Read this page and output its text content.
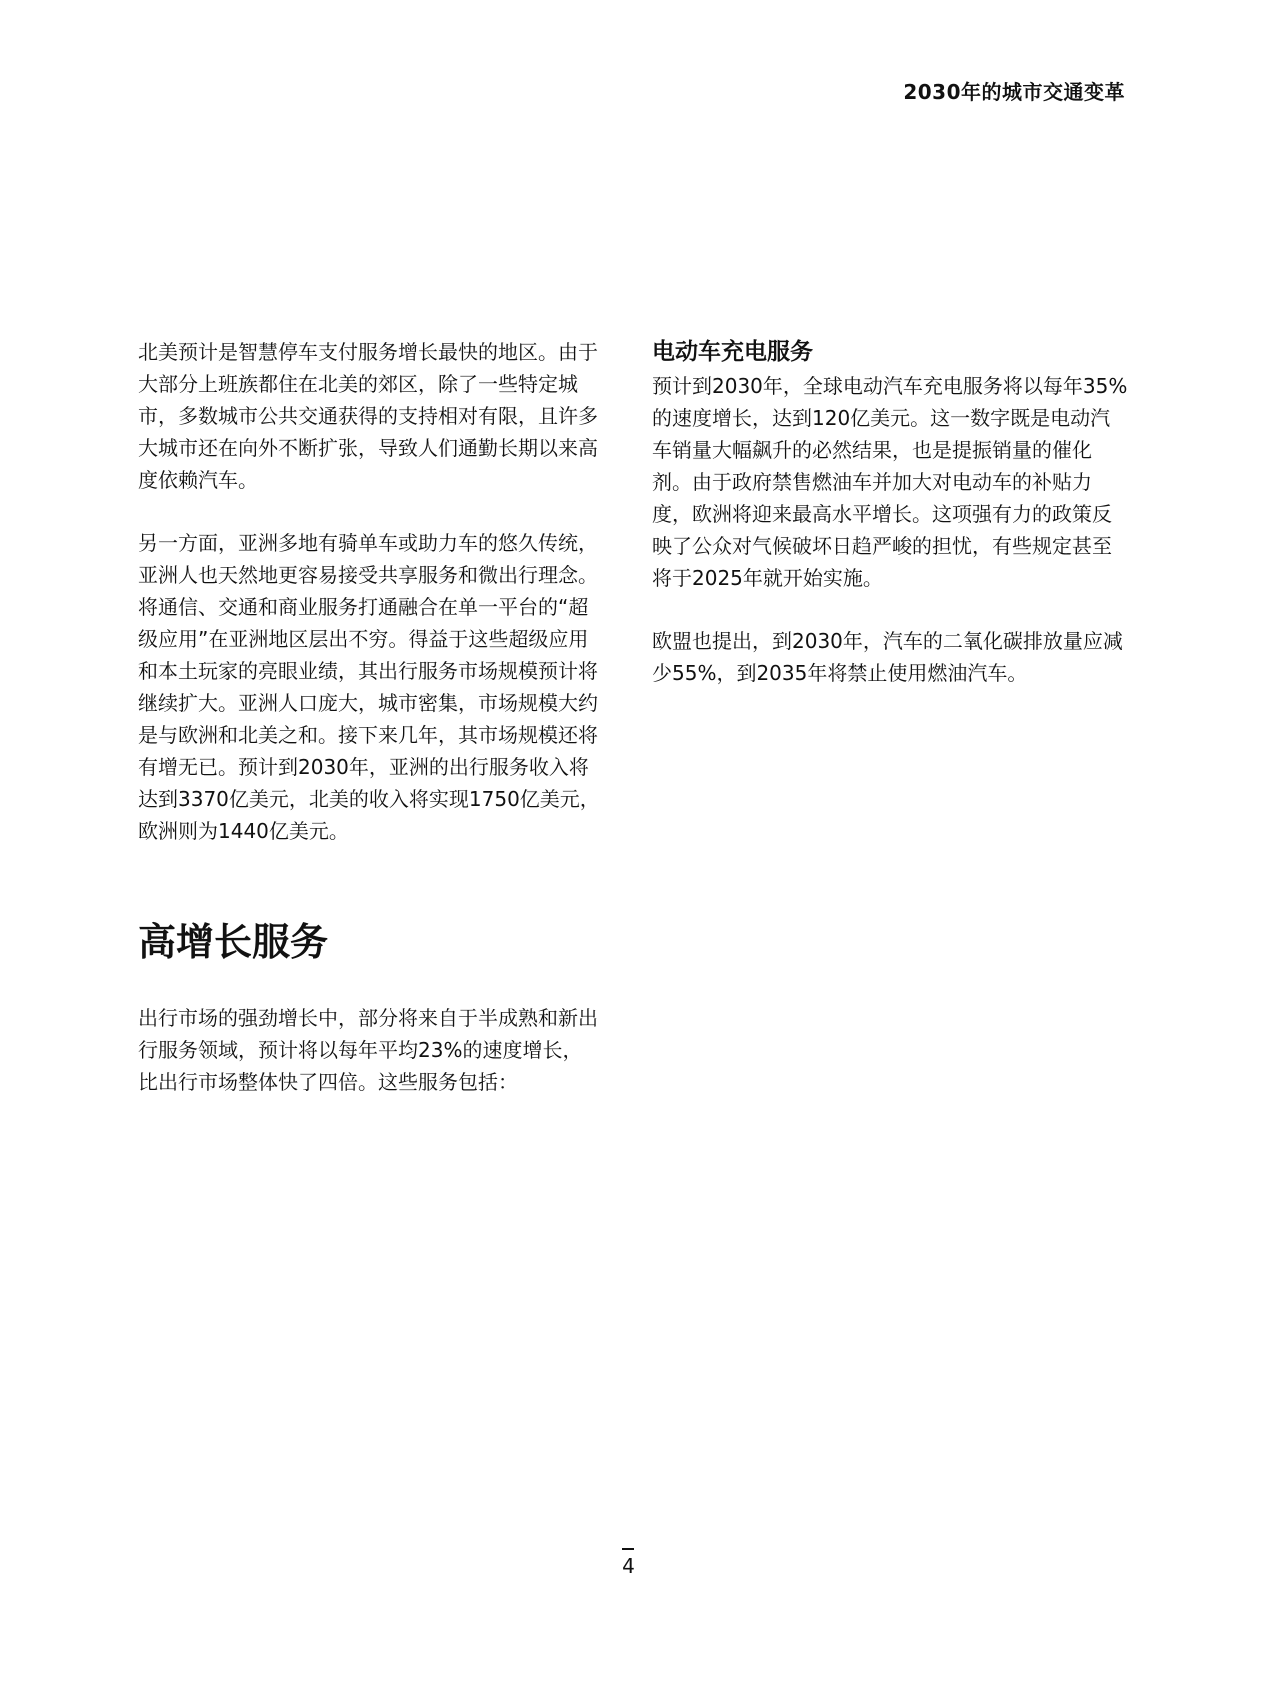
2030年的城市交通变革

北美预计是智慧停车支付服务增长最快的地区。由于大部分上班族都住在北美的郊区，除了一些特定城市，多数城市公共交通获得的支持相对有限，且许多大城市还在向外不断扩张，导致人们通勤长期以来高度依赖汽车。

另一方面，亚洲多地有骑单车或助力车的悠久传统，亚洲人也天然地更容易接受共享服务和微出行理念。将通信、交通和商业服务打通融合在单一平台的“超级应用”在亚洲地区层出不穷。得益于这些超级应用和本土玩家的亮眼业绩，其出行服务市场规模预计将继续扩大。亚洲人口庞大，城市密集，市场规模大约 是与欧洲和北美之和。接下来几年，其市场规模还将有增无已。预计到2030年，亚洲的出行服务收入将达到3370亿美元，北美的收入将实现1750亿美元，欧洲则为1440亿美元。

电动车充电服务

预计到2030年，全球电动汽车充电服务将以每年35%的速度增长，达到120亿美元。这一数字既是电动汽车销量大幅飙升的必然结果，也是提振销量的催化剂。由于政府禁售燃油车并加大对电动车的补贴力度，欧洲将迎来最高水平增长。这项强有力的政策反映了公众对气候破坏日趋严峻的担忧，有些规定甚至将于2025年就开始实施。

欧盟也提出，到2030年，汽车的二氧化碳排放量应减少55%，到2035年将禁止使用燃油汽车。

高增长服务

出行市场的强劲增长中，部分将来自于半成熟和新出行服务领域，预计将以每年平均23%的速度增长，比出行市场整体快了四倍。这些服务包括：

4
